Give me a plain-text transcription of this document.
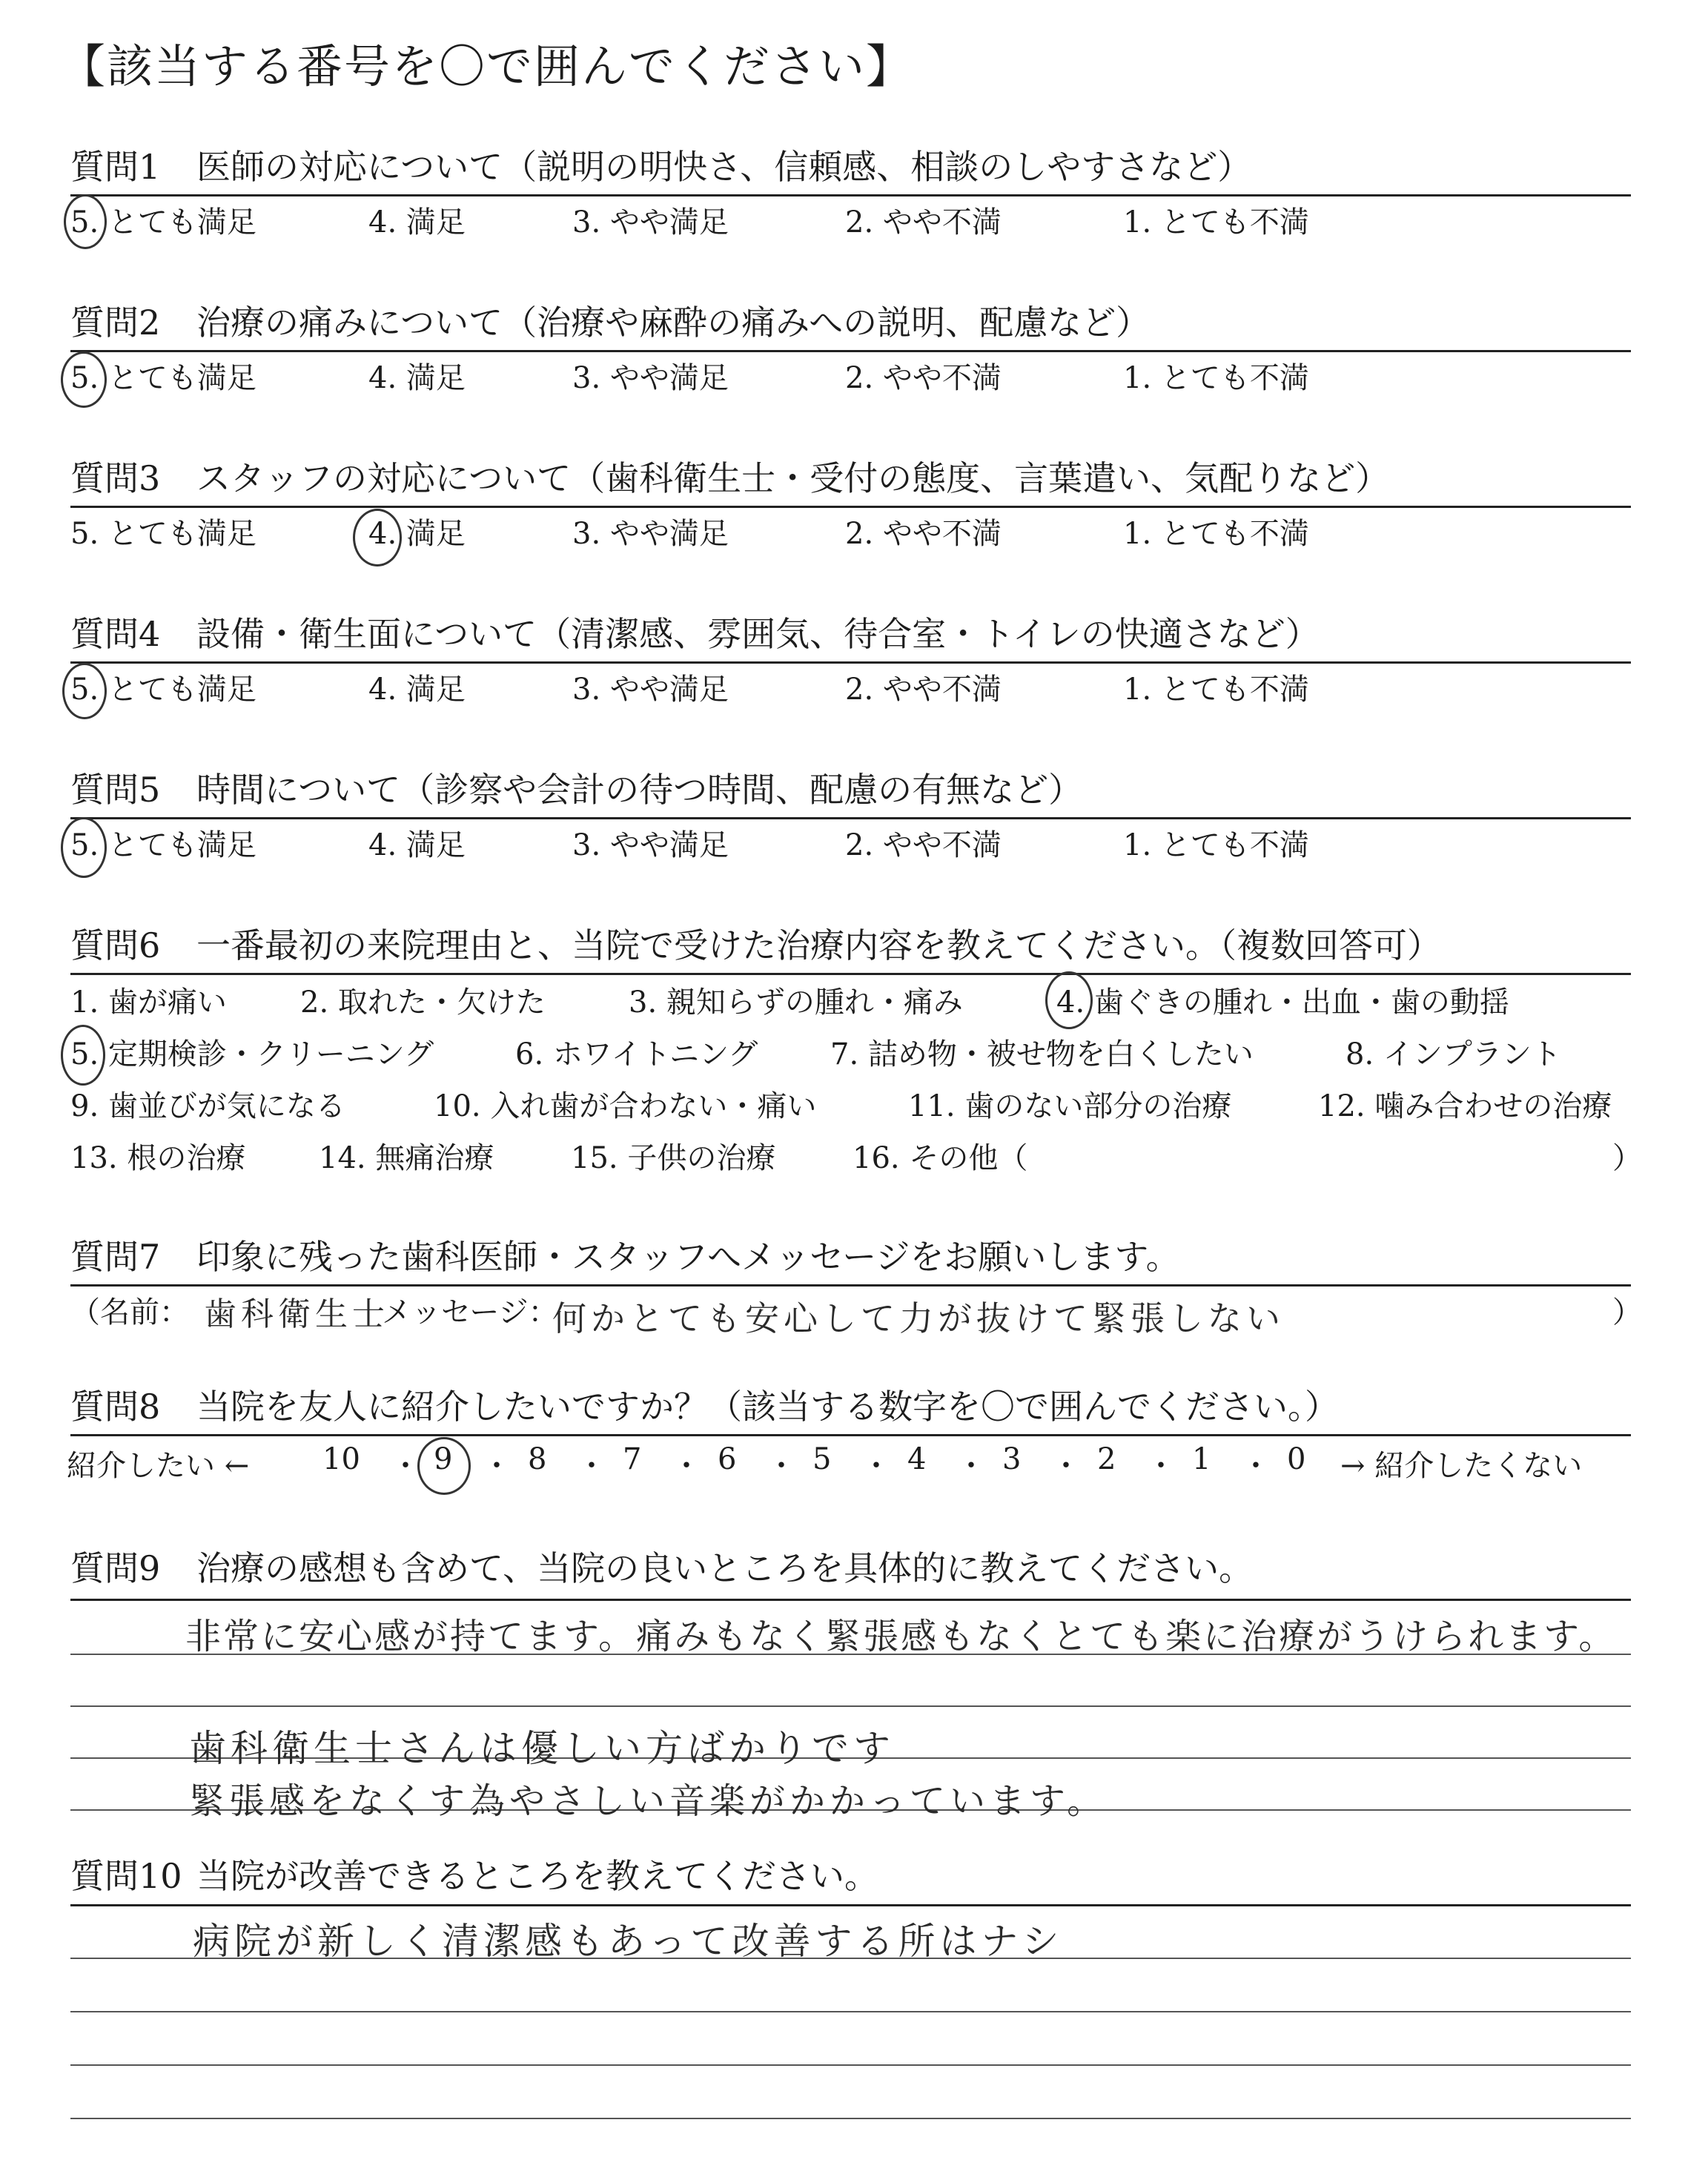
【該当する番号を〇で囲んでください】
質問1 医師の対応について（説明の明快さ、信頼感、相談のしやすさなど）
5. とても満足	4. 満足	3. やや満足	2. やや不満	1. とても不満
質問2 治療の痛みについて（治療や麻酔の痛みへの説明、配慮など）
5. とても満足	4. 満足	3. やや満足	2. やや不満	1. とても不満
質問3 スタッフの対応について（歯科衛生士・受付の態度、言葉遣い、気配りなど）
5. とても満足	4. 満足	3. やや満足	2. やや不満	1. とても不満
質問4 設備・衛生面について（清潔感、雰囲気、待合室・トイレの快適さなど）
5. とても満足	4. 満足	3. やや満足	2. やや不満	1. とても不満
質問5 時間について（診察や会計の待つ時間、配慮の有無など）
5. とても満足	4. 満足	3. やや満足	2. やや不満	1. とても不満
質問6 一番最初の来院理由と、当院で受けた治療内容を教えてください。（複数回答可）
1. 歯が痛い 2. 取れた・欠けた	3. 親知らずの腫れ・痛み	4. 歯ぐきの腫れ・出血・歯の動揺
5. 定期検診・クリーニング	6. ホワイトニング 7. 詰め物・被せ物を白くしたい	8. インプラント
9. 歯並びが気になる	10. 入れ歯が合わない・痛い	11. 歯のない部分の治療	12. 噛み合わせの治療
13. 根の治療 14. 無痛治療	15. 子供の治療	16. その他（	）
質問7 印象に残った歯科医師・スタッフへメッセージをお願いします。
（名前： 歯科衛生士
メッセージ：
何かとても安心して力が抜けて緊張しない	）
質問8 当院を友人に紹介したいですか？（該当する数字を〇で囲んでください。）
紹介したい ← 10 ・ 9 ・ 8 ・ 7 ・ 6 ・ 5 ・ 4 ・ 3 ・ 2 ・ 1 ・ 0 → 紹介したくない
質問9 治療の感想も含めて、当院の良いところを具体的に教えてください。
非常に安心感が持てます。痛みもなく緊張感もなくとても楽に治療がうけられます。
歯科衛生士さんは優しい方ばかりです
緊張感をなくす為やさしい音楽がかかっています。
質問10 当院が改善できるところを教えてください。
病院が新しく清潔感もあって改善する所はナシ
